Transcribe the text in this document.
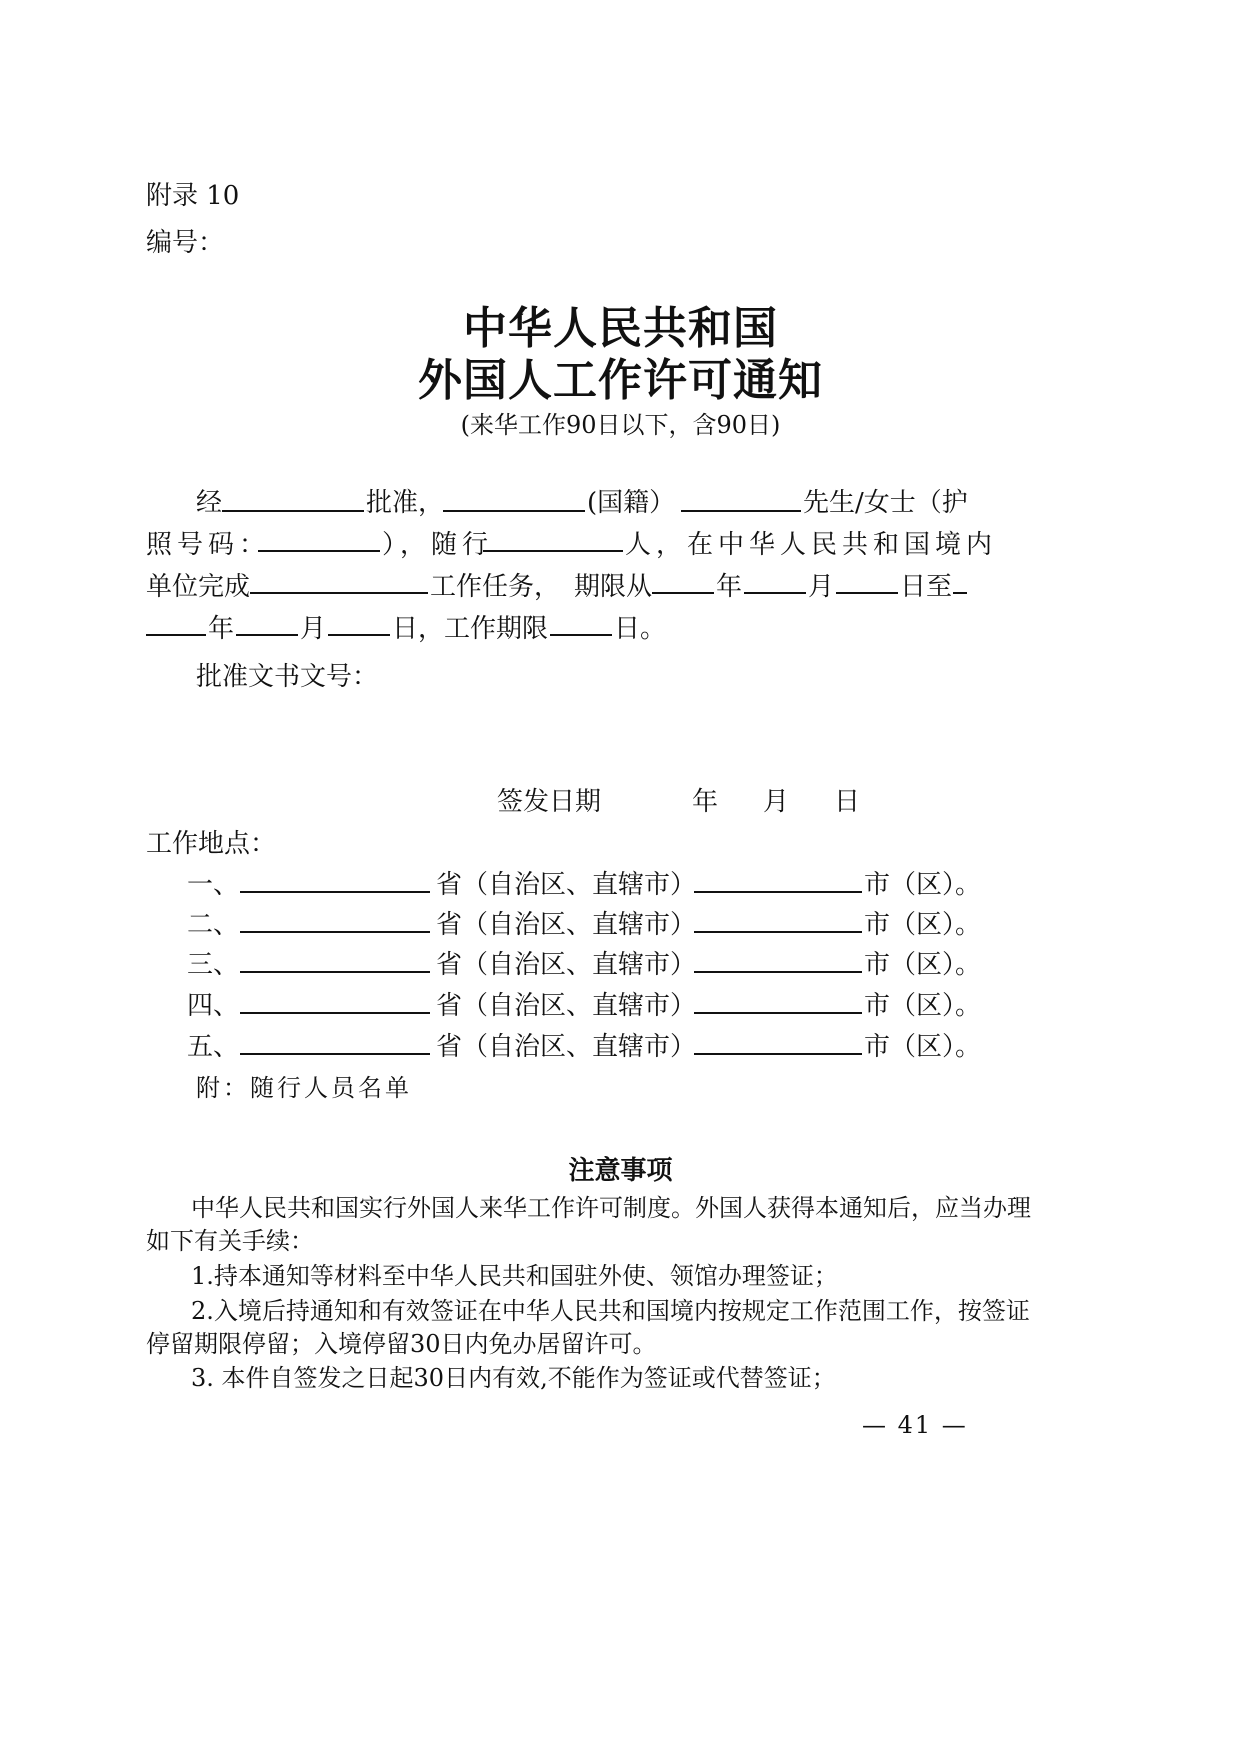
附录 10
编号：
中华人民共和国
外国人工作许可通知
(来华工作90日以下，含90日)
经	批准，	(国籍）	先生/女士（护
照号码：	），随行	人，在中华人民共和国境内
单位完成	工作任务， 期限从 年	月	日至
年	月	日，工作期限	日。
批准文书文号：
签发日期	年 月 日
工作地点：
一、	省（自治区、直辖市）	市（区）。
二、	省（自治区、直辖市）	市（区）。
三、	省（自治区、直辖市）	市（区）。
四、	省（自治区、直辖市）	市（区）。
五、	省（自治区、直辖市）	市（区）。
附：随行人员名单
注意事项
中华人民共和国实行外国人来华工作许可制度。外国人获得本通知后，应当办理
如下有关手续：
1.持本通知等材料至中华人民共和国驻外使、领馆办理签证；
2.入境后持通知和有效签证在中华人民共和国境内按规定工作范围工作，按签证
停留期限停留；入境停留30日内免办居留许可。
3. 本件自签发之日起30日内有效,不能作为签证或代替签证；
— 41 —
